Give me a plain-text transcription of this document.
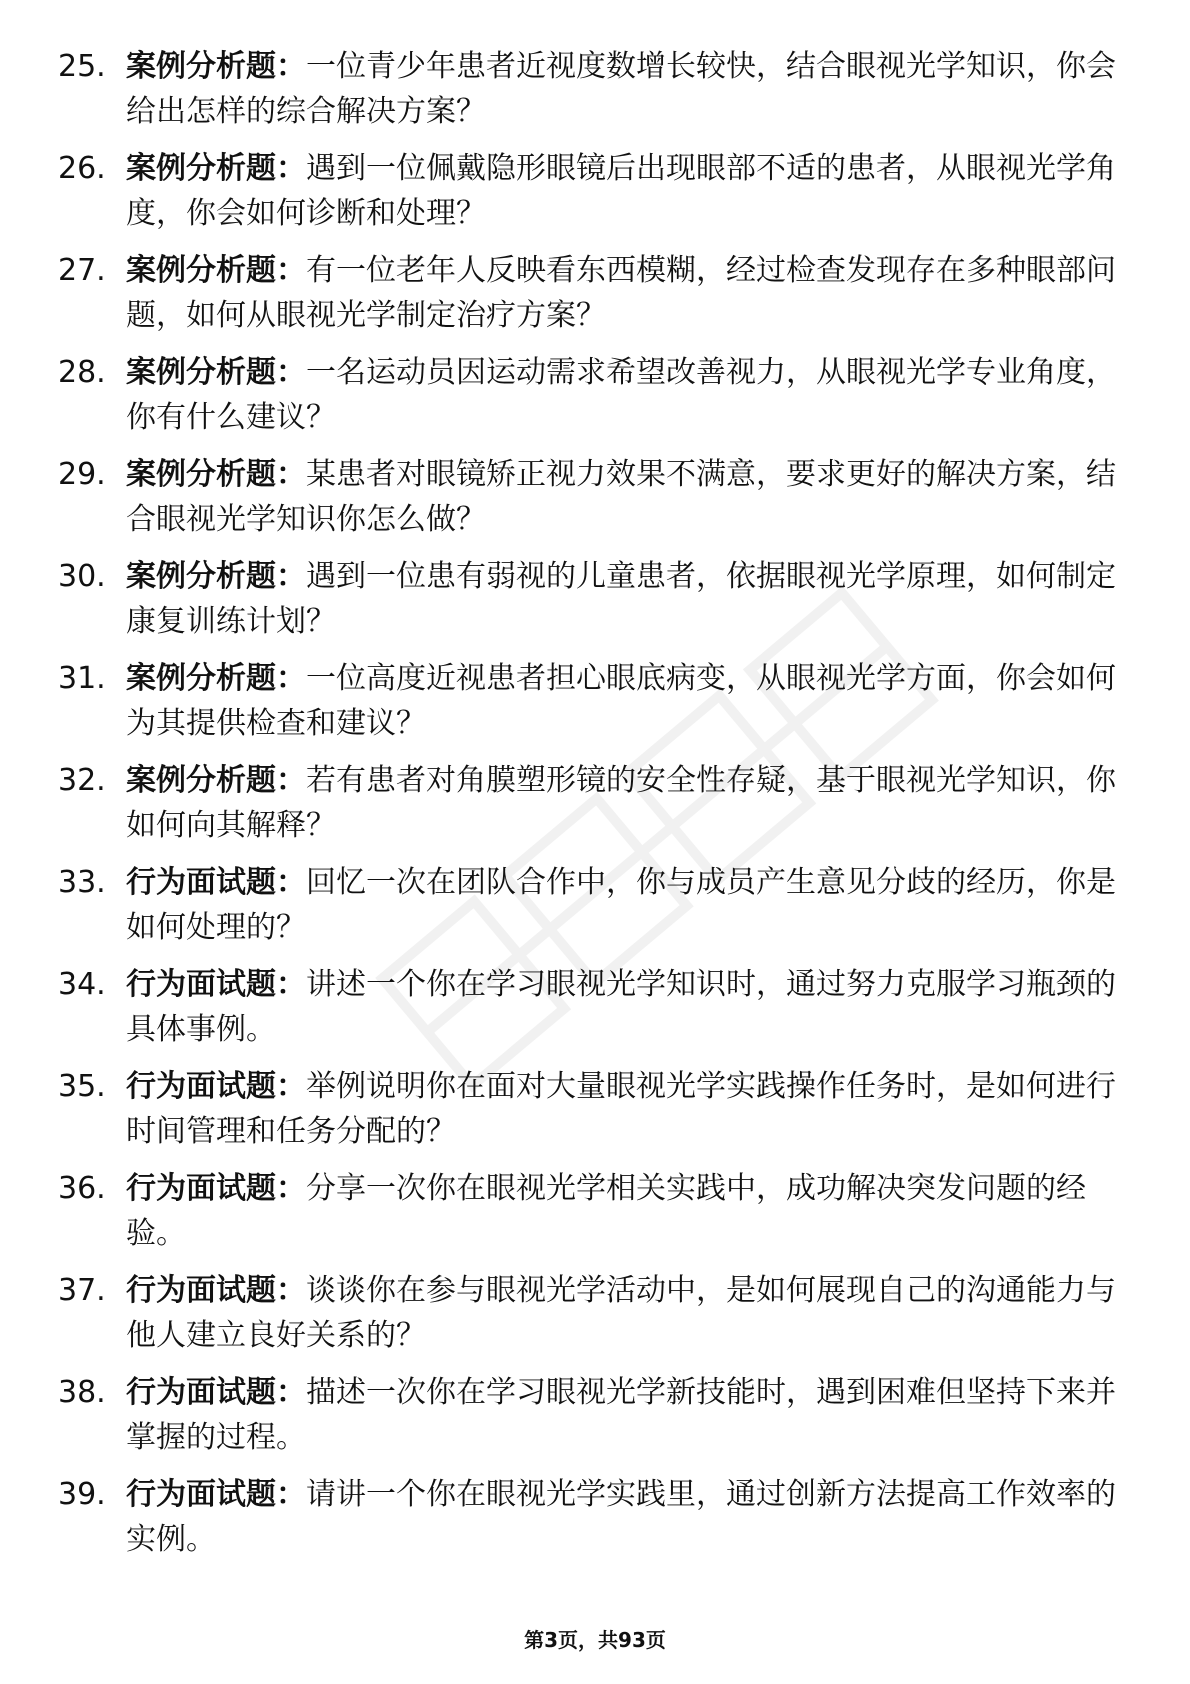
25. 案例分析题：一位青少年患者近视度数增长较快，结合眼视光学知识，你会给出怎样的综合解决方案？
26. 案例分析题：遇到一位佩戴隐形眼镜后出现眼部不适的患者，从眼视光学角度，你会如何诊断和处理？
27. 案例分析题：有一位老年人反映看东西模糊，经过检查发现存在多种眼部问题，如何从眼视光学制定治疗方案？
28. 案例分析题：一名运动员因运动需求希望改善视力，从眼视光学专业角度，你有什么建议？
29. 案例分析题：某患者对眼镜矫正视力效果不满意，要求更好的解决方案，结合眼视光学知识你怎么做？
30. 案例分析题：遇到一位患有弱视的儿童患者，依据眼视光学原理，如何制定康复训练计划？
31. 案例分析题：一位高度近视患者担心眼底病变，从眼视光学方面，你会如何为其提供检查和建议？
32. 案例分析题：若有患者对角膜塑形镜的安全性存疑，基于眼视光学知识，你如何向其解释？
33. 行为面试题：回忆一次在团队合作中，你与成员产生意见分歧的经历，你是如何处理的？
34. 行为面试题：讲述一个你在学习眼视光学知识时，通过努力克服学习瓶颈的具体事例。
35. 行为面试题：举例说明你在面对大量眼视光学实践操作任务时，是如何进行时间管理和任务分配的？
36. 行为面试题：分享一次你在眼视光学相关实践中，成功解决突发问题的经验。
37. 行为面试题：谈谈你在参与眼视光学活动中，是如何展现自己的沟通能力与他人建立良好关系的？
38. 行为面试题：描述一次你在学习眼视光学新技能时，遇到困难但坚持下来并掌握的过程。
39. 行为面试题：请讲一个你在眼视光学实践里，通过创新方法提高工作效率的实例。
第3页，共93页
